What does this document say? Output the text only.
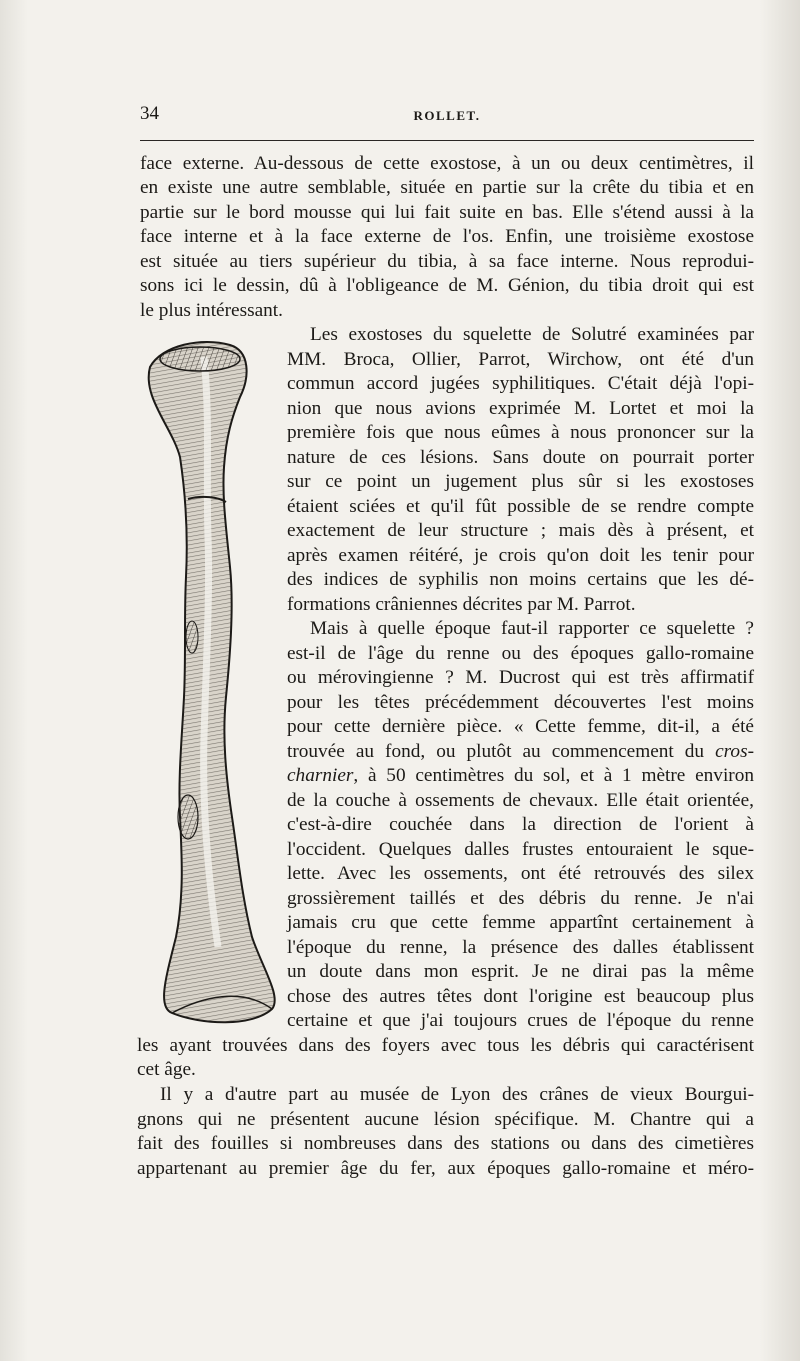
34	ROLLET.
face externe. Au-dessous de cette exostose, à un ou deux centimètres, il
en existe une autre semblable, située en partie sur la crête du tibia et en
partie sur le bord mousse qui lui fait suite en bas. Elle s'étend aussi à la
face interne et à la face externe de l'os. Enfin, une troisième exostose
est située au tiers supérieur du tibia, à sa face interne. Nous reprodui-
sons ici le dessin, dû à l'obligeance de M. Génion, du tibia droit qui est
le plus intéressant.
Les exostoses du squelette de Solutré examinées par
MM. Broca, Ollier, Parrot, Wirchow, ont été d'un
commun accord jugées syphilitiques. C'était déjà l'opi-
nion que nous avions exprimée M. Lortet et moi la
première fois que nous eûmes à nous prononcer sur la
nature de ces lésions. Sans doute on pourrait porter
sur ce point un jugement plus sûr si les exostoses
étaient sciées et qu'il fût possible de se rendre compte
exactement de leur structure ; mais dès à présent, et
après examen réitéré, je crois qu'on doit les tenir pour
des indices de syphilis non moins certains que les dé-
formations crâniennes décrites par M. Parrot.
Mais à quelle époque faut-il rapporter ce squelette ?
est-il de l'âge du renne ou des époques gallo-romaine
ou mérovingienne ? M. Ducrost qui est très affirmatif
pour les têtes précédemment découvertes l'est moins
pour cette dernière pièce. « Cette femme, dit-il, a été
trouvée au fond, ou plutôt au commencement du cros-
charnier, à 50 centimètres du sol, et à 1 mètre environ
de la couche à ossements de chevaux. Elle était orientée,
c'est-à-dire couchée dans la direction de l'orient à
l'occident. Quelques dalles frustes entouraient le sque-
lette. Avec les ossements, ont été retrouvés des silex
grossièrement taillés et des débris du renne. Je n'ai
jamais cru que cette femme appartînt certainement à
l'époque du renne, la présence des dalles établissent
un doute dans mon esprit. Je ne dirai pas la même
chose des autres têtes dont l'origine est beaucoup plus
certaine et que j'ai toujours crues de l'époque du renne
les ayant trouvées dans des foyers avec tous les débris qui caractérisent
cet âge.
Il y a d'autre part au musée de Lyon des crânes de vieux Bourgui-
gnons qui ne présentent aucune lésion spécifique. M. Chantre qui a
fait des fouilles si nombreuses dans des stations ou dans des cimetières
appartenant au premier âge du fer, aux époques gallo-romaine et méro-
